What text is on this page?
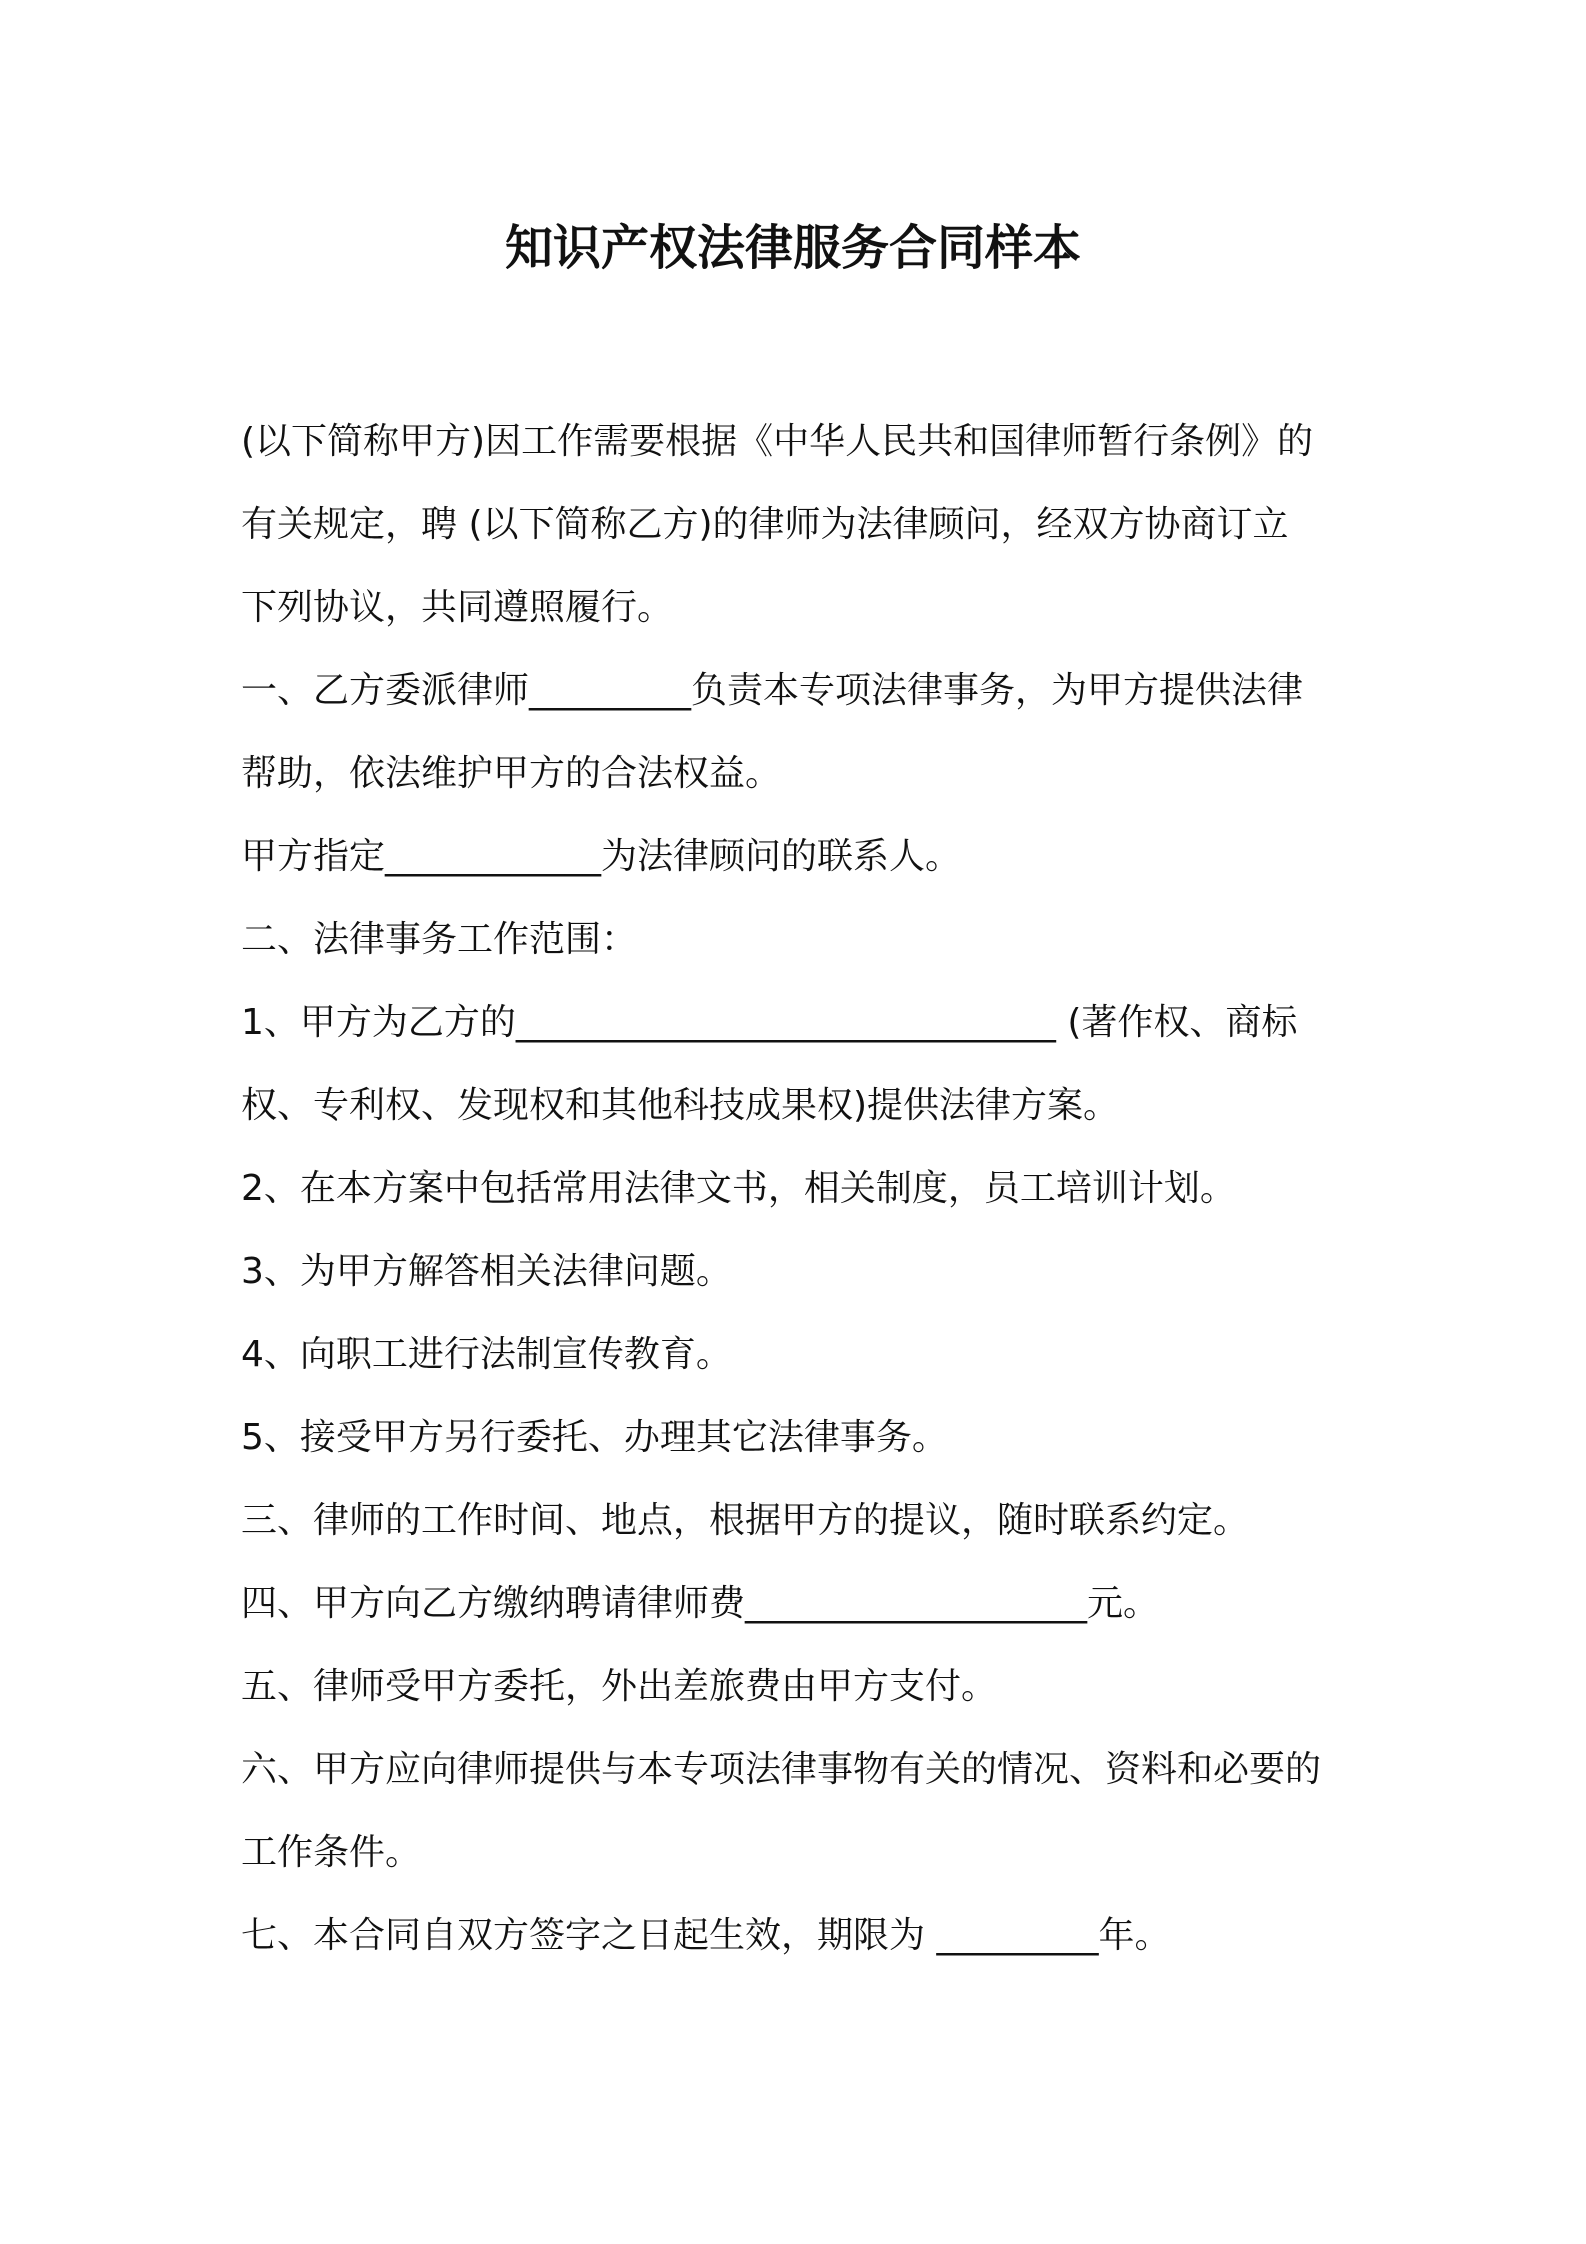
知识产权法律服务合同样本

(以下简称甲方)因工作需要根据《中华人民共和国律师暂行条例》的

有关规定，聘 (以下简称乙方)的律师为法律顾问，经双方协商订立

下列协议，共同遵照履行。

一、乙方委派律师_________负责本专项法律事务，为甲方提供法律

帮助，依法维护甲方的合法权益。

甲方指定____________为法律顾问的联系人。

二、法律事务工作范围：

1、甲方为乙方的______________________________ (著作权、商标

权、专利权、发现权和其他科技成果权)提供法律方案。

2、在本方案中包括常用法律文书，相关制度，员工培训计划。

3、为甲方解答相关法律问题。

4、向职工进行法制宣传教育。

5、接受甲方另行委托、办理其它法律事务。

三、律师的工作时间、地点，根据甲方的提议，随时联系约定。

四、甲方向乙方缴纳聘请律师费___________________元。

五、律师受甲方委托，外出差旅费由甲方支付。

六、甲方应向律师提供与本专项法律事物有关的情况、资料和必要的

工作条件。

七、本合同自双方签字之日起生效，期限为 _________年。
